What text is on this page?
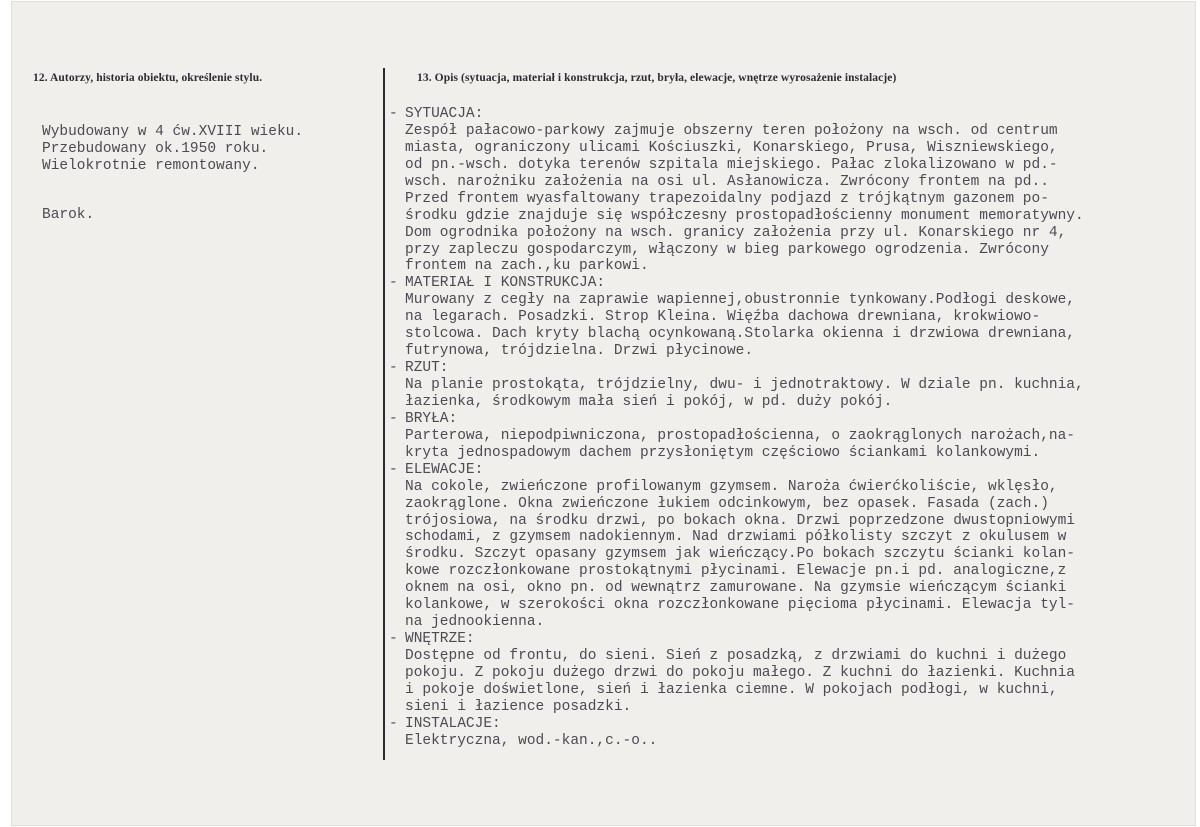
12. Autorzy, historia obiektu, określenie stylu.	13. Opis (sytuacja, materiał i konstrukcja, rzut, bryła, elewacje, wnętrze wyrosażenie instalacje)
Wybudowany w 4 ćw.XVIII wieku.
Przebudowany ok.1950 roku.
Wielokrotnie remontowany.
Barok.
- SYTUACJA:
Zespół pałacowo-parkowy zajmuje obszerny teren położony na wsch. od centrum
miasta, ograniczony ulicami Kościuszki, Konarskiego, Prusa, Wiszniewskiego,
od pn.-wsch. dotyka terenów szpitala miejskiego. Pałac zlokalizowano w pd.-
wsch. narożniku założenia na osi ul. Asłanowicza. Zwrócony frontem na pd..
Przed frontem wyasfaltowany trapezoidalny podjazd z trójkątnym gazonem po-
środku gdzie znajduje się współczesny prostopadłościenny monument memoratywny.
Dom ogrodnika położony na wsch. granicy założenia przy ul. Konarskiego nr 4,
przy zapleczu gospodarczym, włączony w bieg parkowego ogrodzenia. Zwrócony
frontem na zach.,ku parkowi.
- MATERIAŁ I KONSTRUKCJA:
Murowany z cegły na zaprawie wapiennej,obustronnie tynkowany.Podłogi deskowe,
na legarach. Posadzki. Strop Kleina. Więźba dachowa drewniana, krokwiowo-
stolcowa. Dach kryty blachą ocynkowaną.Stolarka okienna i drzwiowa drewniana,
futrynowa, trójdzielna. Drzwi płycinowe.
- RZUT:
Na planie prostokąta, trójdzielny, dwu- i jednotraktowy. W dziale pn. kuchnia,
łazienka, środkowym mała sień i pokój, w pd. duży pokój.
- BRYŁA:
Parterowa, niepodpiwniczona, prostopadłościenna, o zaokrąglonych narożach,na-
kryta jednospadowym dachem przysłoniętym częściowo ściankami kolankowymi.
- ELEWACJE:
Na cokole, zwieńczone profilowanym gzymsem. Naroża ćwierćkoliście, wklęsło,
zaokrąglone. Okna zwieńczone łukiem odcinkowym, bez opasek. Fasada (zach.)
trójosiowa, na środku drzwi, po bokach okna. Drzwi poprzedzone dwustopniowymi
schodami, z gzymsem nadokiennym. Nad drzwiami półkolisty szczyt z okulusem w
środku. Szczyt opasany gzymsem jak wieńczący.Po bokach szczytu ścianki kolan-
kowe rozczłonkowane prostokątnymi płycinami. Elewacje pn.i pd. analogiczne,z
oknem na osi, okno pn. od wewnątrz zamurowane. Na gzymsie wieńczącym ścianki
kolankowe, w szerokości okna rozczłonkowane pięcioma płycinami. Elewacja tyl-
na jednookienna.
- WNĘTRZE:
Dostępne od frontu, do sieni. Sień z posadzką, z drzwiami do kuchni i dużego
pokoju. Z pokoju dużego drzwi do pokoju małego. Z kuchni do łazienki. Kuchnia
i pokoje doświetlone, sień i łazienka ciemne. W pokojach podłogi, w kuchni,
sieni i łazience posadzki.
- INSTALACJE:
Elektryczna, wod.-kan.,c.-o..
